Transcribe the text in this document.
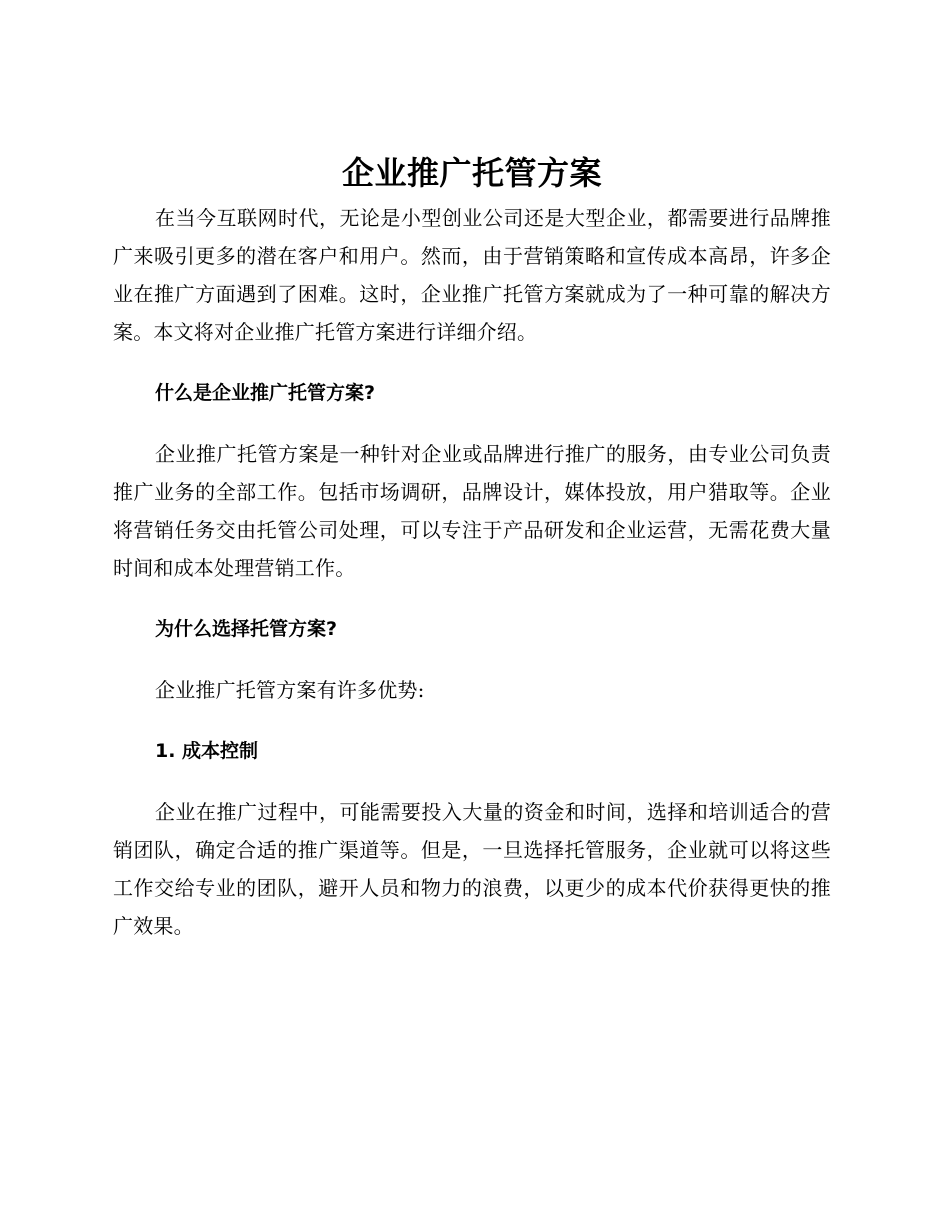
企业推广托管方案

在当今互联网时代，无论是小型创业公司还是大型企业，都需要进行品牌推广来吸引更多的潜在客户和用户。然而，由于营销策略和宣传成本高昂，许多企业在推广方面遇到了困难。这时，企业推广托管方案就成为了一种可靠的解决方案。本文将对企业推广托管方案进行详细介绍。

什么是企业推广托管方案?

企业推广托管方案是一种针对企业或品牌进行推广的服务，由专业公司负责推广业务的全部工作。包括市场调研，品牌设计，媒体投放，用户猎取等。企业将营销任务交由托管公司处理，可以专注于产品研发和企业运营，无需花费大量时间和成本处理营销工作。

为什么选择托管方案?

企业推广托管方案有许多优势:

1. 成本控制

企业在推广过程中，可能需要投入大量的资金和时间，选择和培训适合的营销团队，确定合适的推广渠道等。但是，一旦选择托管服务，企业就可以将这些工作交给专业的团队，避开人员和物力的浪费，以更少的成本代价获得更快的推广效果。
